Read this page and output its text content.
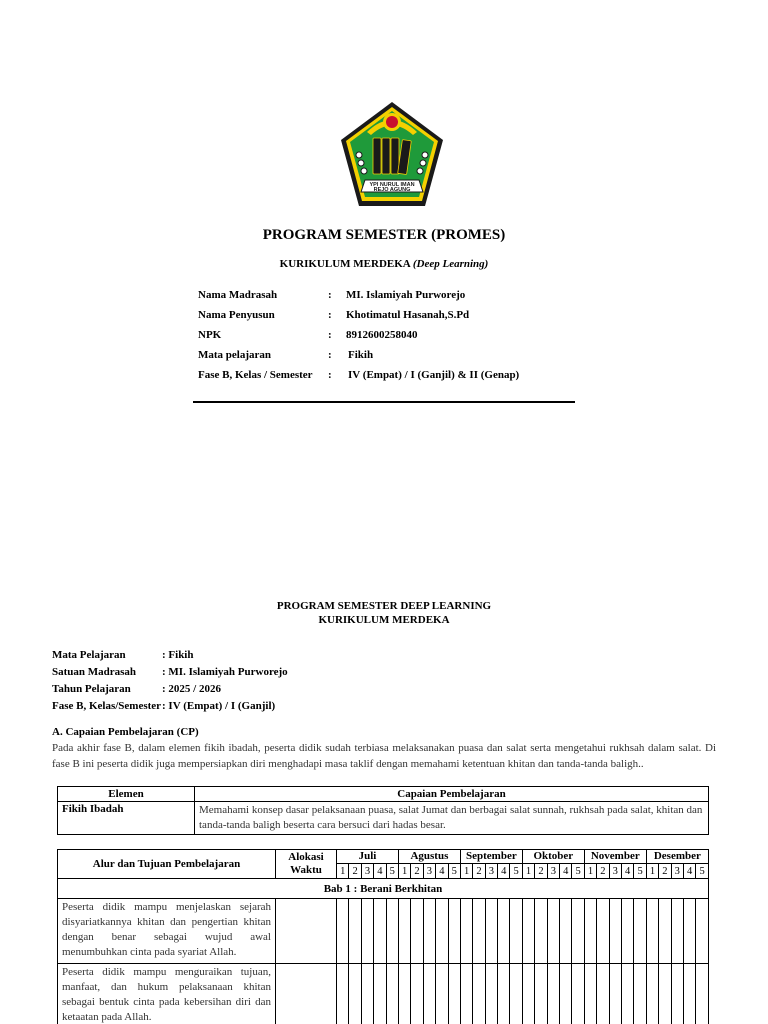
YPI NURUL IMAN
REJO AGUNG
PROGRAM SEMESTER (PROMES)
KURIKULUM MERDEKA (Deep Learning)
Nama Madrasah	:	MI. Islamiyah Purworejo
Nama Penyusun	:	Khotimatul Hasanah,S.Pd
NPK	:	8912600258040
Mata pelajaran	:	Fikih
Fase B, Kelas / Semester	:	IV (Empat) / I (Ganjil) & II (Genap)
PROGRAM SEMESTER DEEP LEARNING
KURIKULUM MERDEKA
Mata Pelajaran	: Fikih
Satuan Madrasah	: MI. Islamiyah Purworejo
Tahun Pelajaran	: 2025 / 2026
Fase B, Kelas/Semester : IV (Empat) / I (Ganjil)
A. Capaian Pembelajaran (CP)
Pada akhir fase B, dalam elemen fikih ibadah, peserta didik sudah terbiasa melaksanakan puasa dan salat serta mengetahui rukhsah dalam salat. Di fase B ini peserta didik juga mempersiapkan diri menghadapi masa taklif dengan memahami ketentuan khitan dan tanda-tanda baligh..
Elemen	Capaian Pembelajaran
Fikih Ibadah	Memahami konsep dasar pelaksanaan puasa, salat Jumat dan berbagai salat sunnah, rukhsah pada salat, khitan dan tanda-tanda baligh beserta cara bersuci dari hadas besar.
Alur dan Tujuan Pembelajaran	Alokasi Waktu	Juli					Agustus					September					Oktober					November					Desember				
		1	2	3	4	5	1	2	3	4	5	1	2	3	4	5	1	2	3	4	5	1	2	3	4	5	1	2	3	4	5
Bab 1 : Berani Berkhitan																															
Peserta didik mampu menjelaskan sejarah disyariatkannya khitan dan pengertian khitan dengan benar sebagai wujud awal menumbuhkan cinta pada syariat Allah.																															
Peserta didik mampu menguraikan tujuan, manfaat, dan hukum pelaksanaan khitan sebagai bentuk cinta pada kebersihan diri dan ketaatan pada Allah.																															
